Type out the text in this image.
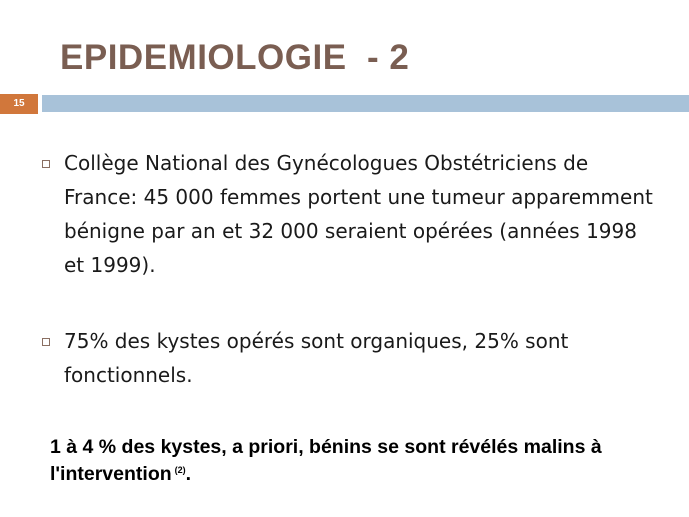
EPIDEMIOLOGIE  - 2
15
Collège National des Gynécologues Obstétriciens de France: 45 000 femmes portent une tumeur apparemment bénigne par an et 32 000 seraient opérées (années 1998 et 1999).
75% des kystes opérés sont organiques, 25% sont fonctionnels.
1 à 4 % des kystes, a priori, bénins se sont révélés malins à l'intervention $^{(2)}$.
